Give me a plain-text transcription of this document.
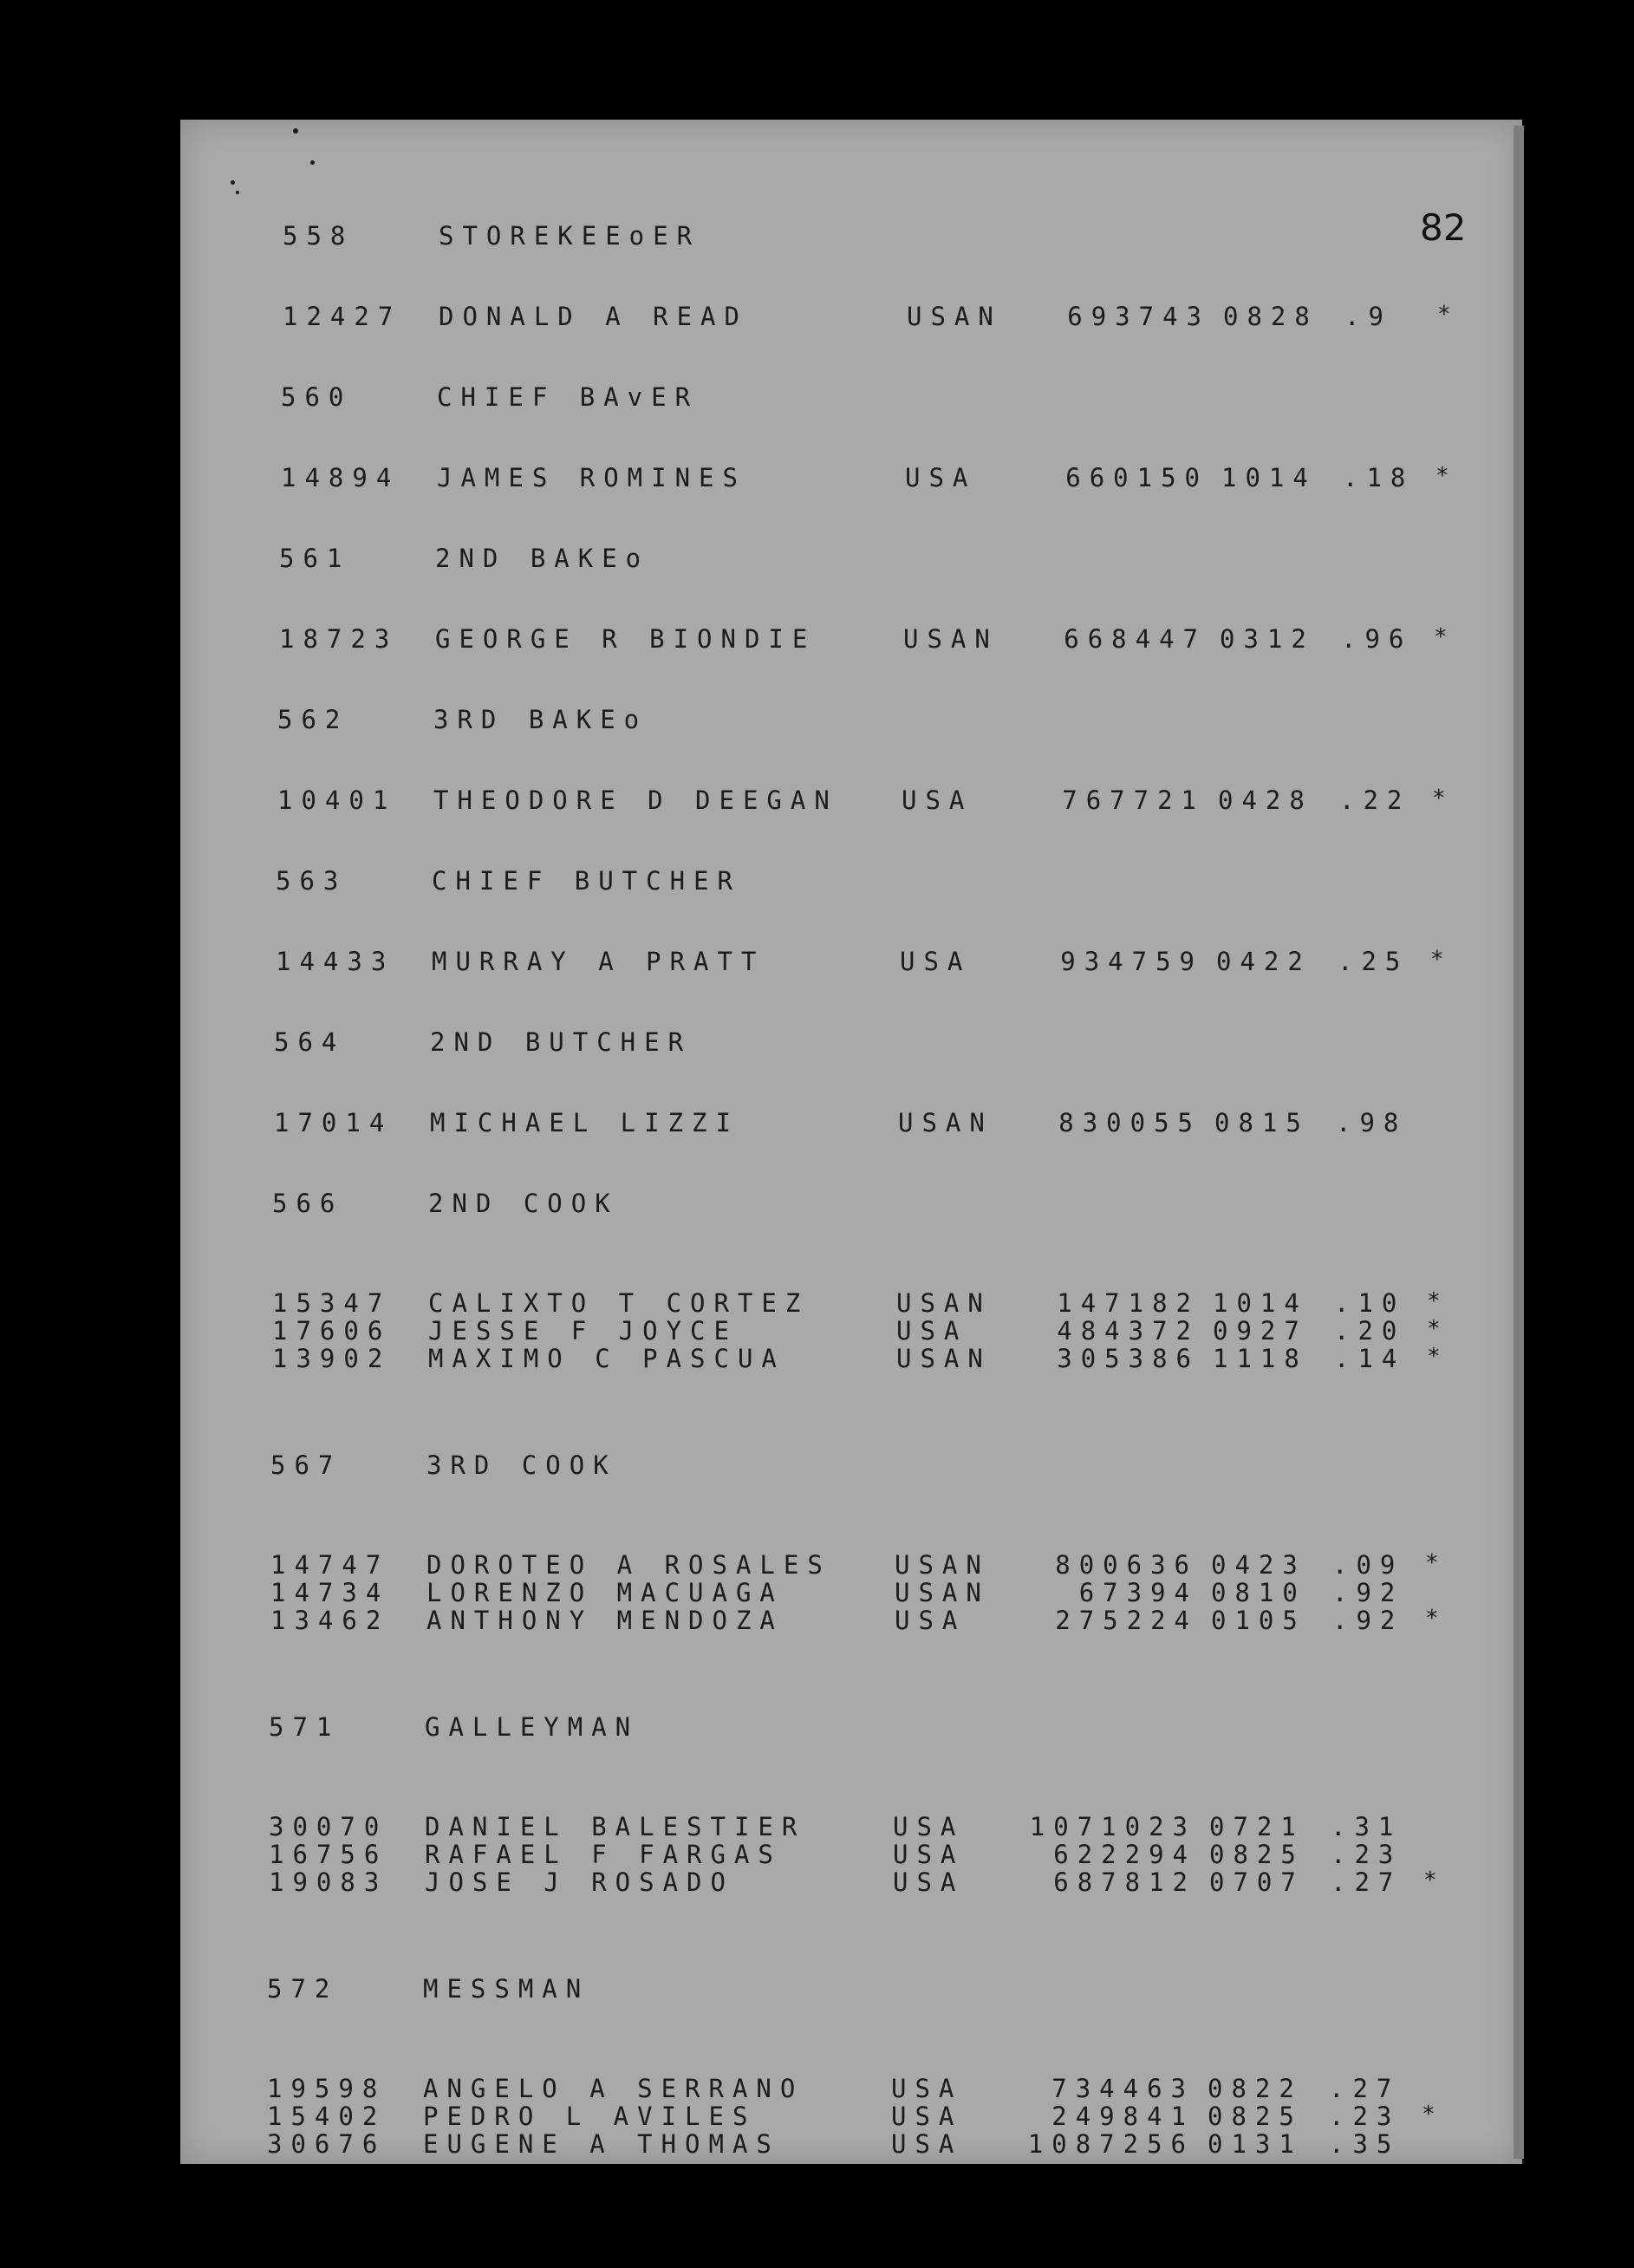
82
558	STOREKEEoER
12427 DONALD A READ	USAN	693743 0828 .9 *
560	CHIEF BAvER
14894 JAMES ROMINES	USA	660150 1014 .18 *
561	2ND BAKEo
18723 GEORGE R BIONDIE	USAN	668447 0312 .96 *
562	3RD BAKEo
10401 THEODORE D DEEGAN	USA	767721 0428 .22 *
563	CHIEF BUTCHER
14433 MURRAY A PRATT	USA	934759 0422 .25 *
564	2ND BUTCHER
17014 MICHAEL LIZZI	USAN	830055 0815 .98
566	2ND COOK
15347 CALIXTO T CORTEZ	USAN	147182 1014 .10 *
17606 JESSE F JOYCE	USA	484372 0927 .20 *
13902 MAXIMO C PASCUA	USAN	305386 1118 .14 *
567	3RD COOK
14747 DOROTEO A ROSALES	USAN	800636 0423 .09 *
14734 LORENZO MACUAGA	USAN	67394 0810 .92
13462 ANTHONY MENDOZA	USA	275224 0105 .92 *
571	GALLEYMAN
30070 DANIEL BALESTIER	USA	1071023 0721 .31
16756 RAFAEL F FARGAS	USA	622294 0825 .23
19083 JOSE J ROSADO	USA	687812 0707 .27 *
572	MESSMAN
19598 ANGELO A SERRANO	USA	734463 0822 .27
15402 PEDRO L AVILES	USA	249841 0825 .23 *
30676 EUGENE A THOMAS	USA	1087256 0131 .35
